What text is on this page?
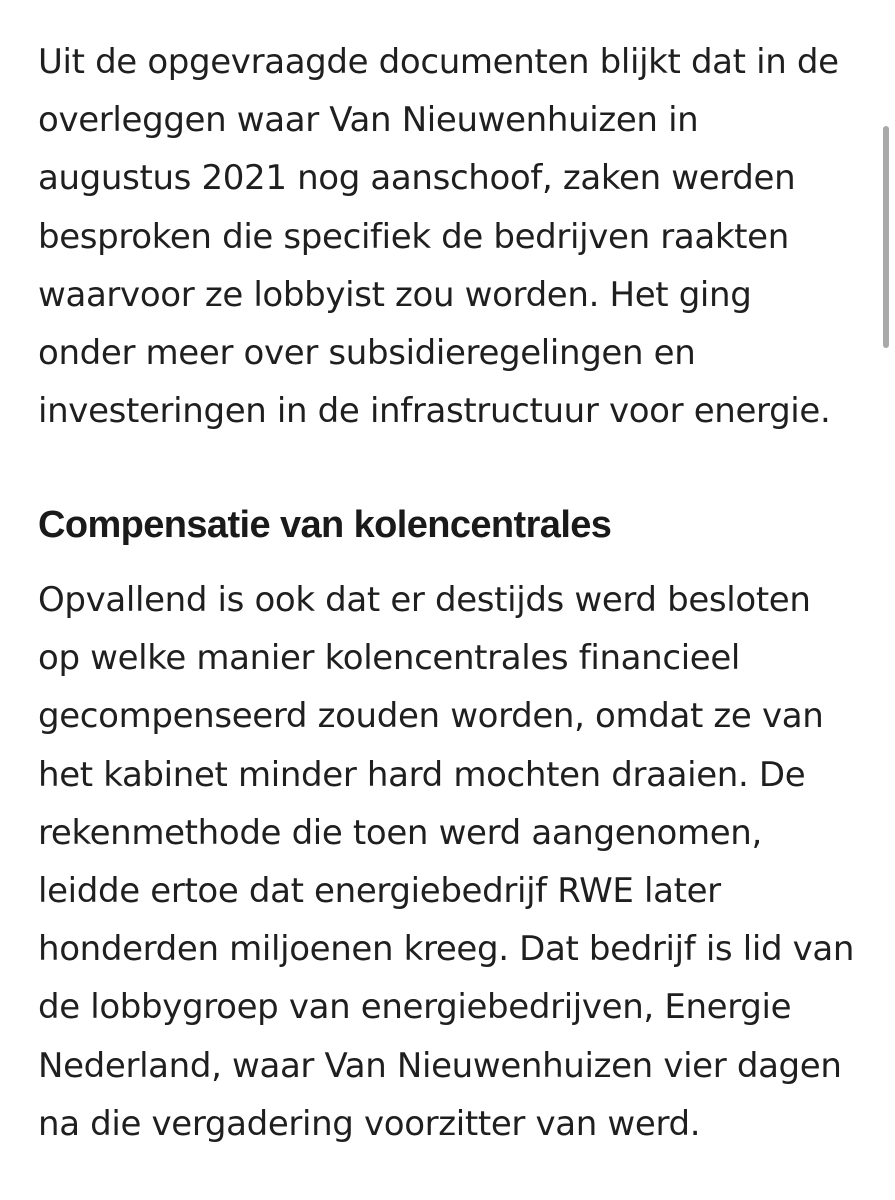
Uit de opgevraagde documenten blijkt dat in de
overleggen waar Van Nieuwenhuizen in
augustus 2021 nog aanschoof, zaken werden
besproken die specifiek de bedrijven raakten
waarvoor ze lobbyist zou worden. Het ging
onder meer over subsidieregelingen en
investeringen in de infrastructuur voor energie.

Compensatie van kolencentrales

Opvallend is ook dat er destijds werd besloten
op welke manier kolencentrales financieel
gecompenseerd zouden worden, omdat ze van
het kabinet minder hard mochten draaien. De
rekenmethode die toen werd aangenomen,
leidde ertoe dat energiebedrijf RWE later
honderden miljoenen kreeg. Dat bedrijf is lid van
de lobbygroep van energiebedrijven, Energie
Nederland, waar Van Nieuwenhuizen vier dagen
na die vergadering voorzitter van werd.
